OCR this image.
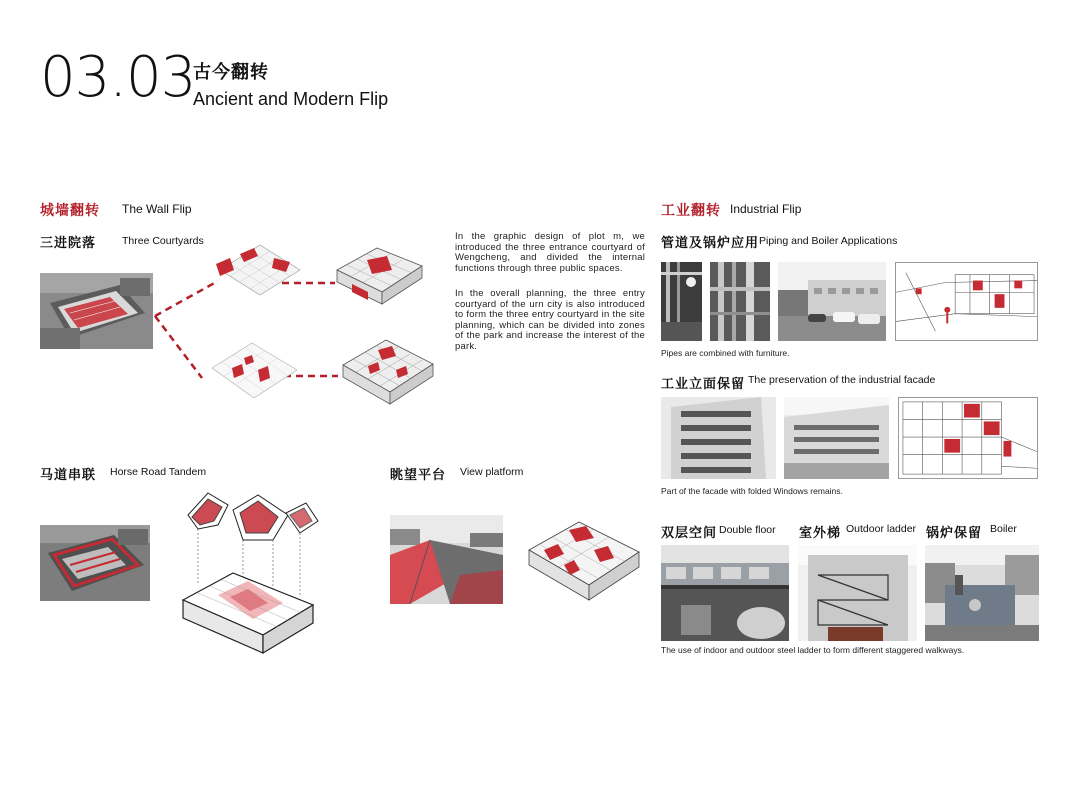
03.03
古今翻转
Ancient and Modern Flip
城墙翻转 The Wall Flip
三进院落 Three Courtyards	In the graphic design of plot m, we introduced the three entrance courtyard of Wengcheng, and divided the internal functions through three public spaces.
In the overall planning, the three entry courtyard of the urn city is also introduced to form the three entry courtyard in the site planning, which can be divided into zones of the park and increase the interest of the park.
马道串联 Horse Road Tandem	眺望平台 View platform
工业翻转 Industrial Flip
管道及锅炉应用 Piping and Boiler Applications
Pipes are combined with furniture.
工业立面保留 The preservation of the industrial facade
Part of the facade with folded Windows remains.
双层空间 Double floor 室外梯 Outdoor ladder 锅炉保留 Boiler
The use of indoor and outdoor steel ladder to form different staggered walkways.
